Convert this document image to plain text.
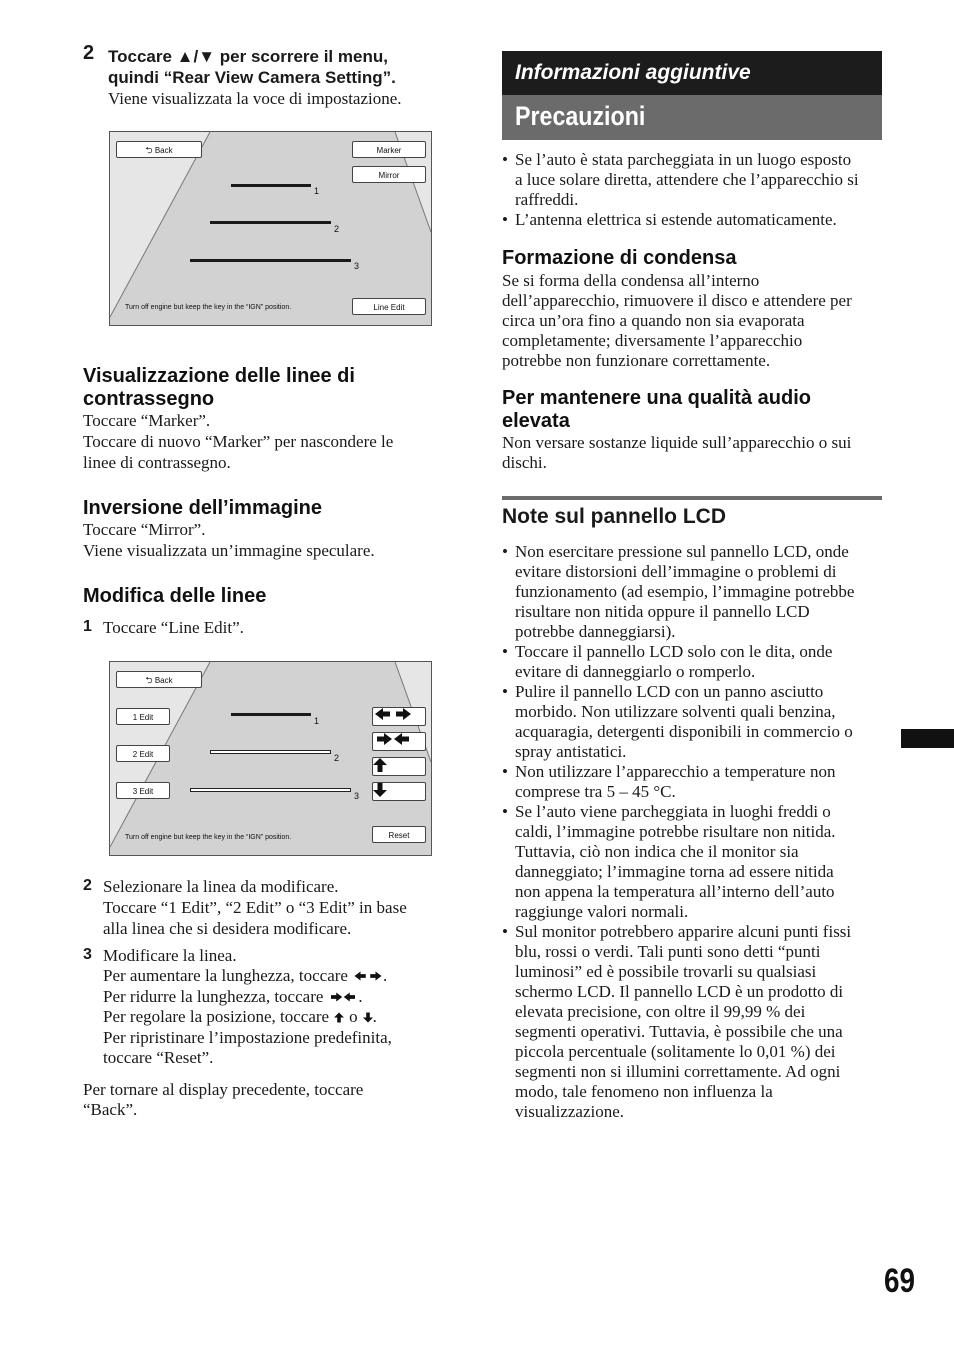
2 Toccare ▲/▼ per scorrere il menu,
quindi “Rear View Camera Setting”.
Viene visualizzata la voce di impostazione.
⮌ Back	Marker
Mirror
1
2
3
Turn off engine but keep the key in the “IGN” position.	Line Edit
Visualizzazione delle linee di
contrassegno
Toccare “Marker”.
Toccare di nuovo “Marker” per nascondere le
linee di contrassegno.
Inversione dell’immagine
Toccare “Mirror”.
Viene visualizzata un’immagine speculare.
Modifica delle linee
1 Toccare “Line Edit”.
⮌ Back
1 Edit
2 Edit
3 Edit
1
2
3
Turn off engine but keep the key in the “IGN” position.	Reset
2 Selezionare la linea da modificare.
Toccare “1 Edit”, “2 Edit” o “3 Edit” in base
alla linea che si desidera modificare.
3 Modificare la linea.
Per aumentare la lunghezza, toccare .
Per ridurre la lunghezza, toccare .
Per regolare la posizione, toccare o .
Per ripristinare l’impostazione predefinita,
toccare “Reset”.
Per tornare al display precedente, toccare
“Back”.
Informazioni aggiuntive
Precauzioni
• Se l’auto è stata parcheggiata in un luogo esposto
a luce solare diretta, attendere che l’apparecchio si
raffreddi.
• L’antenna elettrica si estende automaticamente.
Formazione di condensa
Se si forma della condensa all’interno
dell’apparecchio, rimuovere il disco e attendere per
circa un’ora fino a quando non sia evaporata
completamente; diversamente l’apparecchio
potrebbe non funzionare correttamente.
Per mantenere una qualità audio
elevata
Non versare sostanze liquide sull’apparecchio o sui
dischi.
Note sul pannello LCD
• Non esercitare pressione sul pannello LCD, onde
evitare distorsioni dell’immagine o problemi di
funzionamento (ad esempio, l’immagine potrebbe
risultare non nitida oppure il pannello LCD
potrebbe danneggiarsi).
• Toccare il pannello LCD solo con le dita, onde
evitare di danneggiarlo o romperlo.
• Pulire il pannello LCD con un panno asciutto
morbido. Non utilizzare solventi quali benzina,
acquaragia, detergenti disponibili in commercio o
spray antistatici.
• Non utilizzare l’apparecchio a temperature non
comprese tra 5 – 45 °C.
• Se l’auto viene parcheggiata in luoghi freddi o
caldi, l’immagine potrebbe risultare non nitida.
Tuttavia, ciò non indica che il monitor sia
danneggiato; l’immagine torna ad essere nitida
non appena la temperatura all’interno dell’auto
raggiunge valori normali.
• Sul monitor potrebbero apparire alcuni punti fissi
blu, rossi o verdi. Tali punti sono detti “punti
luminosi” ed è possibile trovarli su qualsiasi
schermo LCD. Il pannello LCD è un prodotto di
elevata precisione, con oltre il 99,99 % dei
segmenti operativi. Tuttavia, è possibile che una
piccola percentuale (solitamente lo 0,01 %) dei
segmenti non si illumini correttamente. Ad ogni
modo, tale fenomeno non influenza la
visualizzazione.
69
